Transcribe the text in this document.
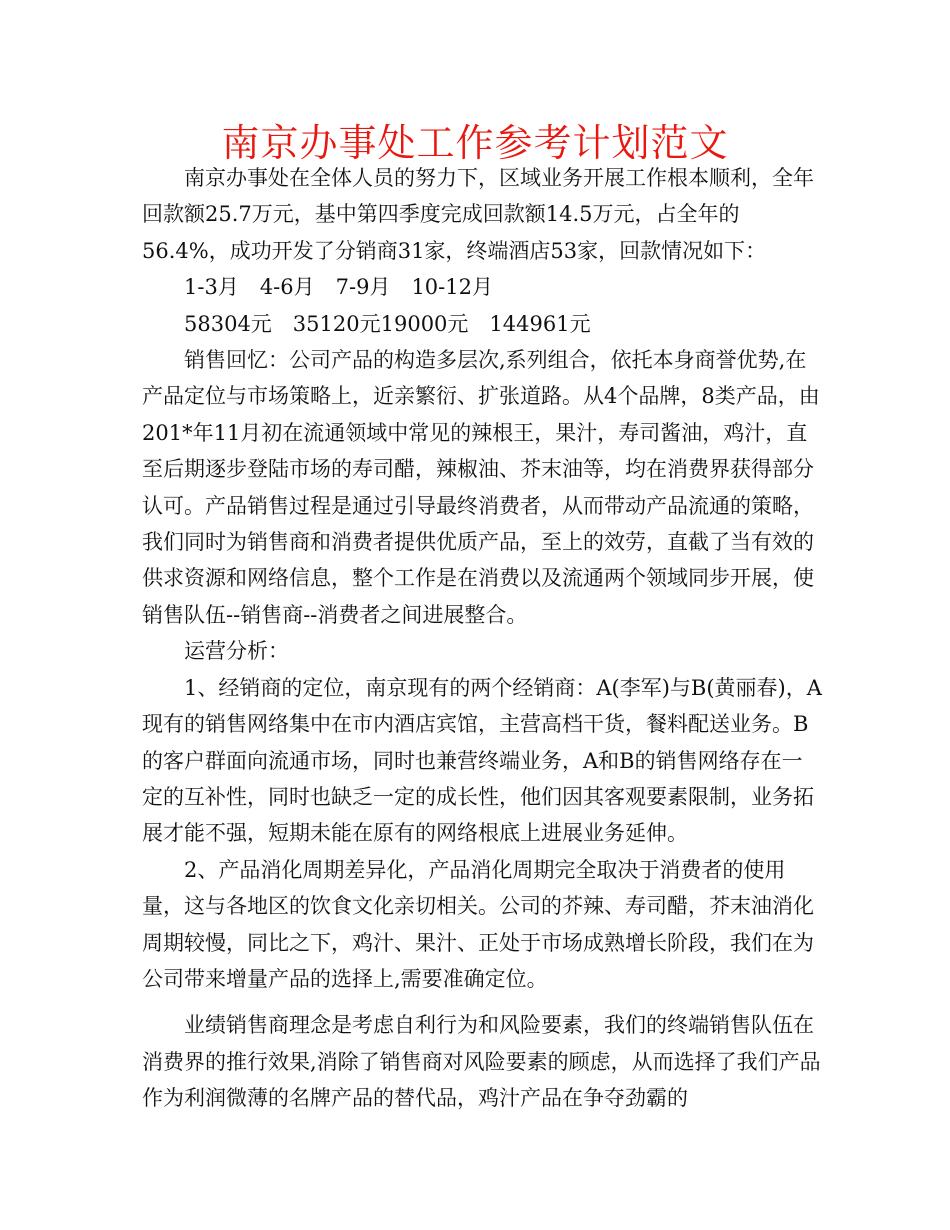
南京办事处工作参考计划范文

南京办事处在全体人员的努力下，区域业务开展工作根本顺利，全年回款额25.7万元，基中第四季度完成回款额14.5万元，占全年的56.4%，成功开发了分销商31家，终端酒店53家，回款情况如下：

1-3月　4-6月　7-9月　10-12月

58304元　35120元19000元　144961元

销售回忆：公司产品的构造多层次,系列组合，依托本身商誉优势,在产品定位与市场策略上，近亲繁衍、扩张道路。从4个品牌，8类产品，由201*年11月初在流通领域中常见的辣根王，果汁，寿司酱油，鸡汁，直至后期逐步登陆市场的寿司醋，辣椒油、芥末油等，均在消费界获得部分认可。产品销售过程是通过引导最终消费者，从而带动产品流通的策略，我们同时为销售商和消费者提供优质产品，至上的效劳，直截了当有效的供求资源和网络信息，整个工作是在消费以及流通两个领域同步开展，使销售队伍--销售商--消费者之间进展整合。

运营分析：

1、经销商的定位，南京现有的两个经销商：A(李军)与B(黄丽春)，A现有的销售网络集中在市内酒店宾馆，主营高档干货，餐料配送业务。B的客户群面向流通市场，同时也兼营终端业务，A和B的销售网络存在一定的互补性，同时也缺乏一定的成长性，他们因其客观要素限制，业务拓展才能不强，短期未能在原有的网络根底上进展业务延伸。

2、产品消化周期差异化，产品消化周期完全取决于消费者的使用量，这与各地区的饮食文化亲切相关。公司的芥辣、寿司醋，芥末油消化周期较慢，同比之下，鸡汁、果汁、正处于市场成熟增长阶段，我们在为公司带来增量产品的选择上,需要准确定位。

业绩销售商理念是考虑自利行为和风险要素，我们的终端销售队伍在消费界的推行效果,消除了销售商对风险要素的顾虑，从而选择了我们产品作为利润微薄的名牌产品的替代品，鸡汁产品在争夺劲霸的
